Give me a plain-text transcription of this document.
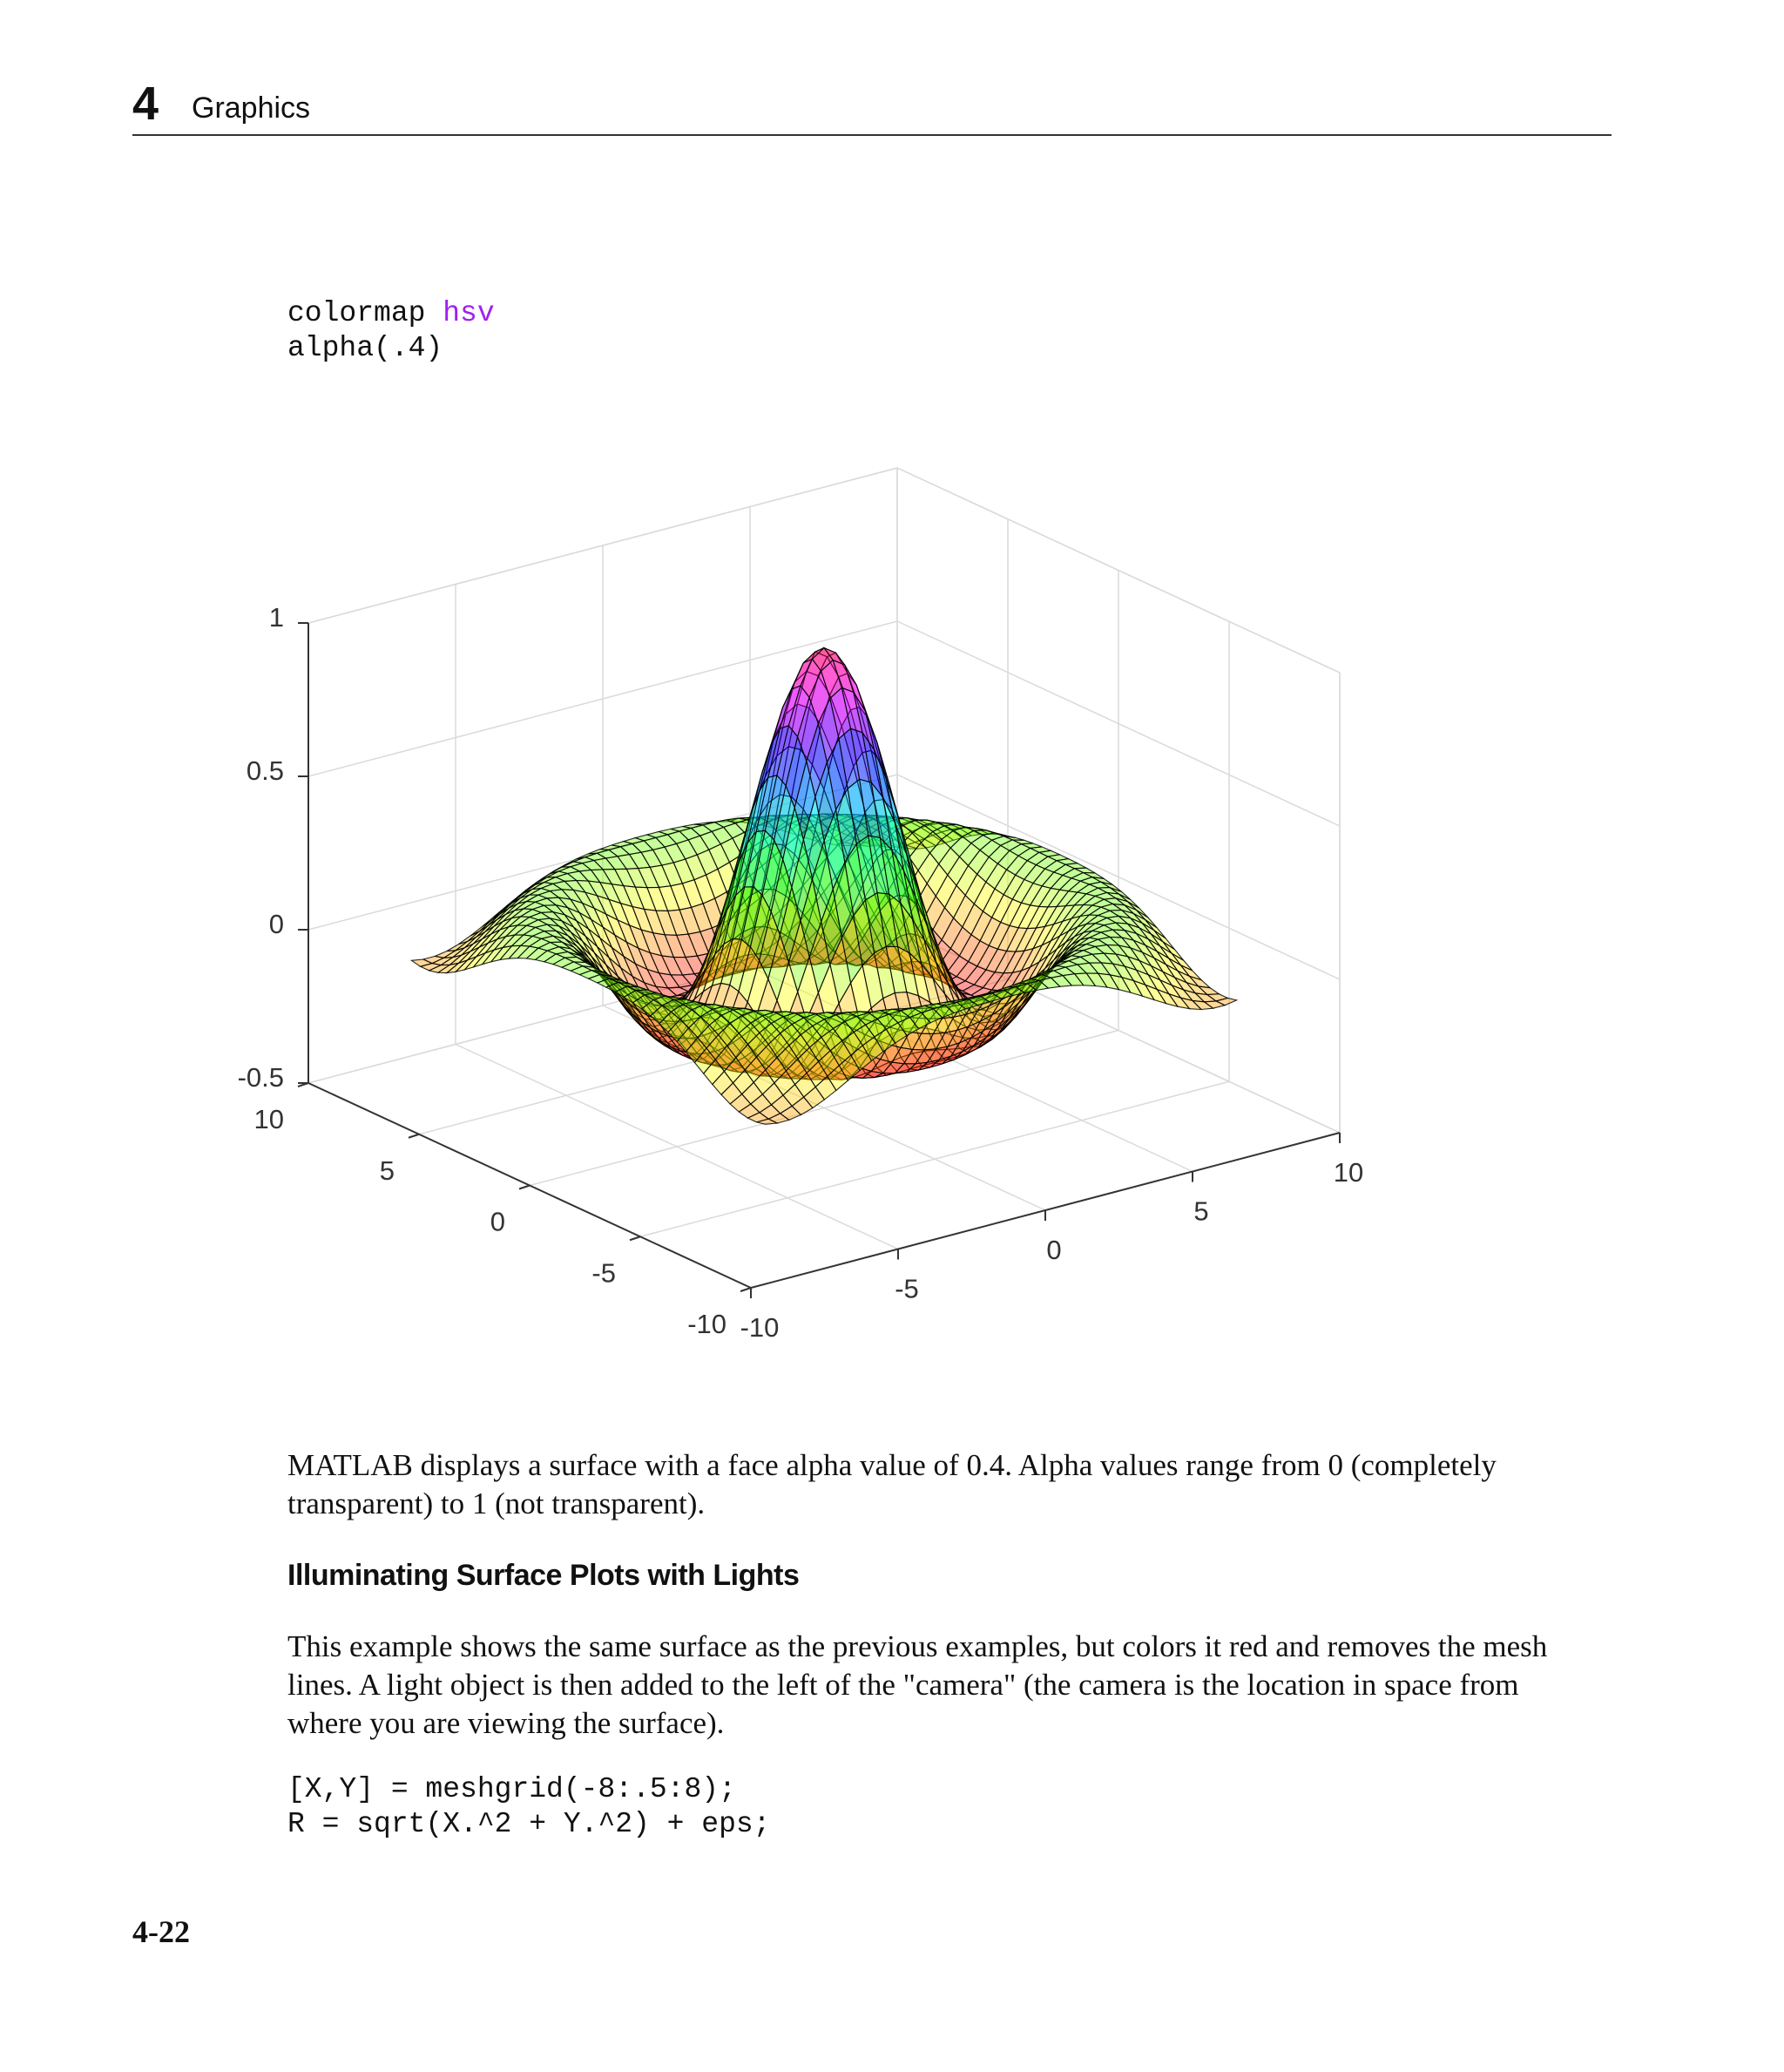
4 Graphics
colormap hsv
alpha(.4)
-10
-5
0
5
10
-10
-5
0
5
10
-0.5
0
0.5
1

MATLAB displays a surface with a face alpha value of 0.4. Alpha values range from 0 (completely transparent) to 1 (not transparent).

Illuminating Surface Plots with Lights

This example shows the same surface as the previous examples, but colors it red and removes the mesh lines. A light object is then added to the left of the "camera" (the camera is the location in space from where you are viewing the surface).

[X,Y] = meshgrid(-8:.5:8);
R = sqrt(X.^2 + Y.^2) + eps;
4-22
